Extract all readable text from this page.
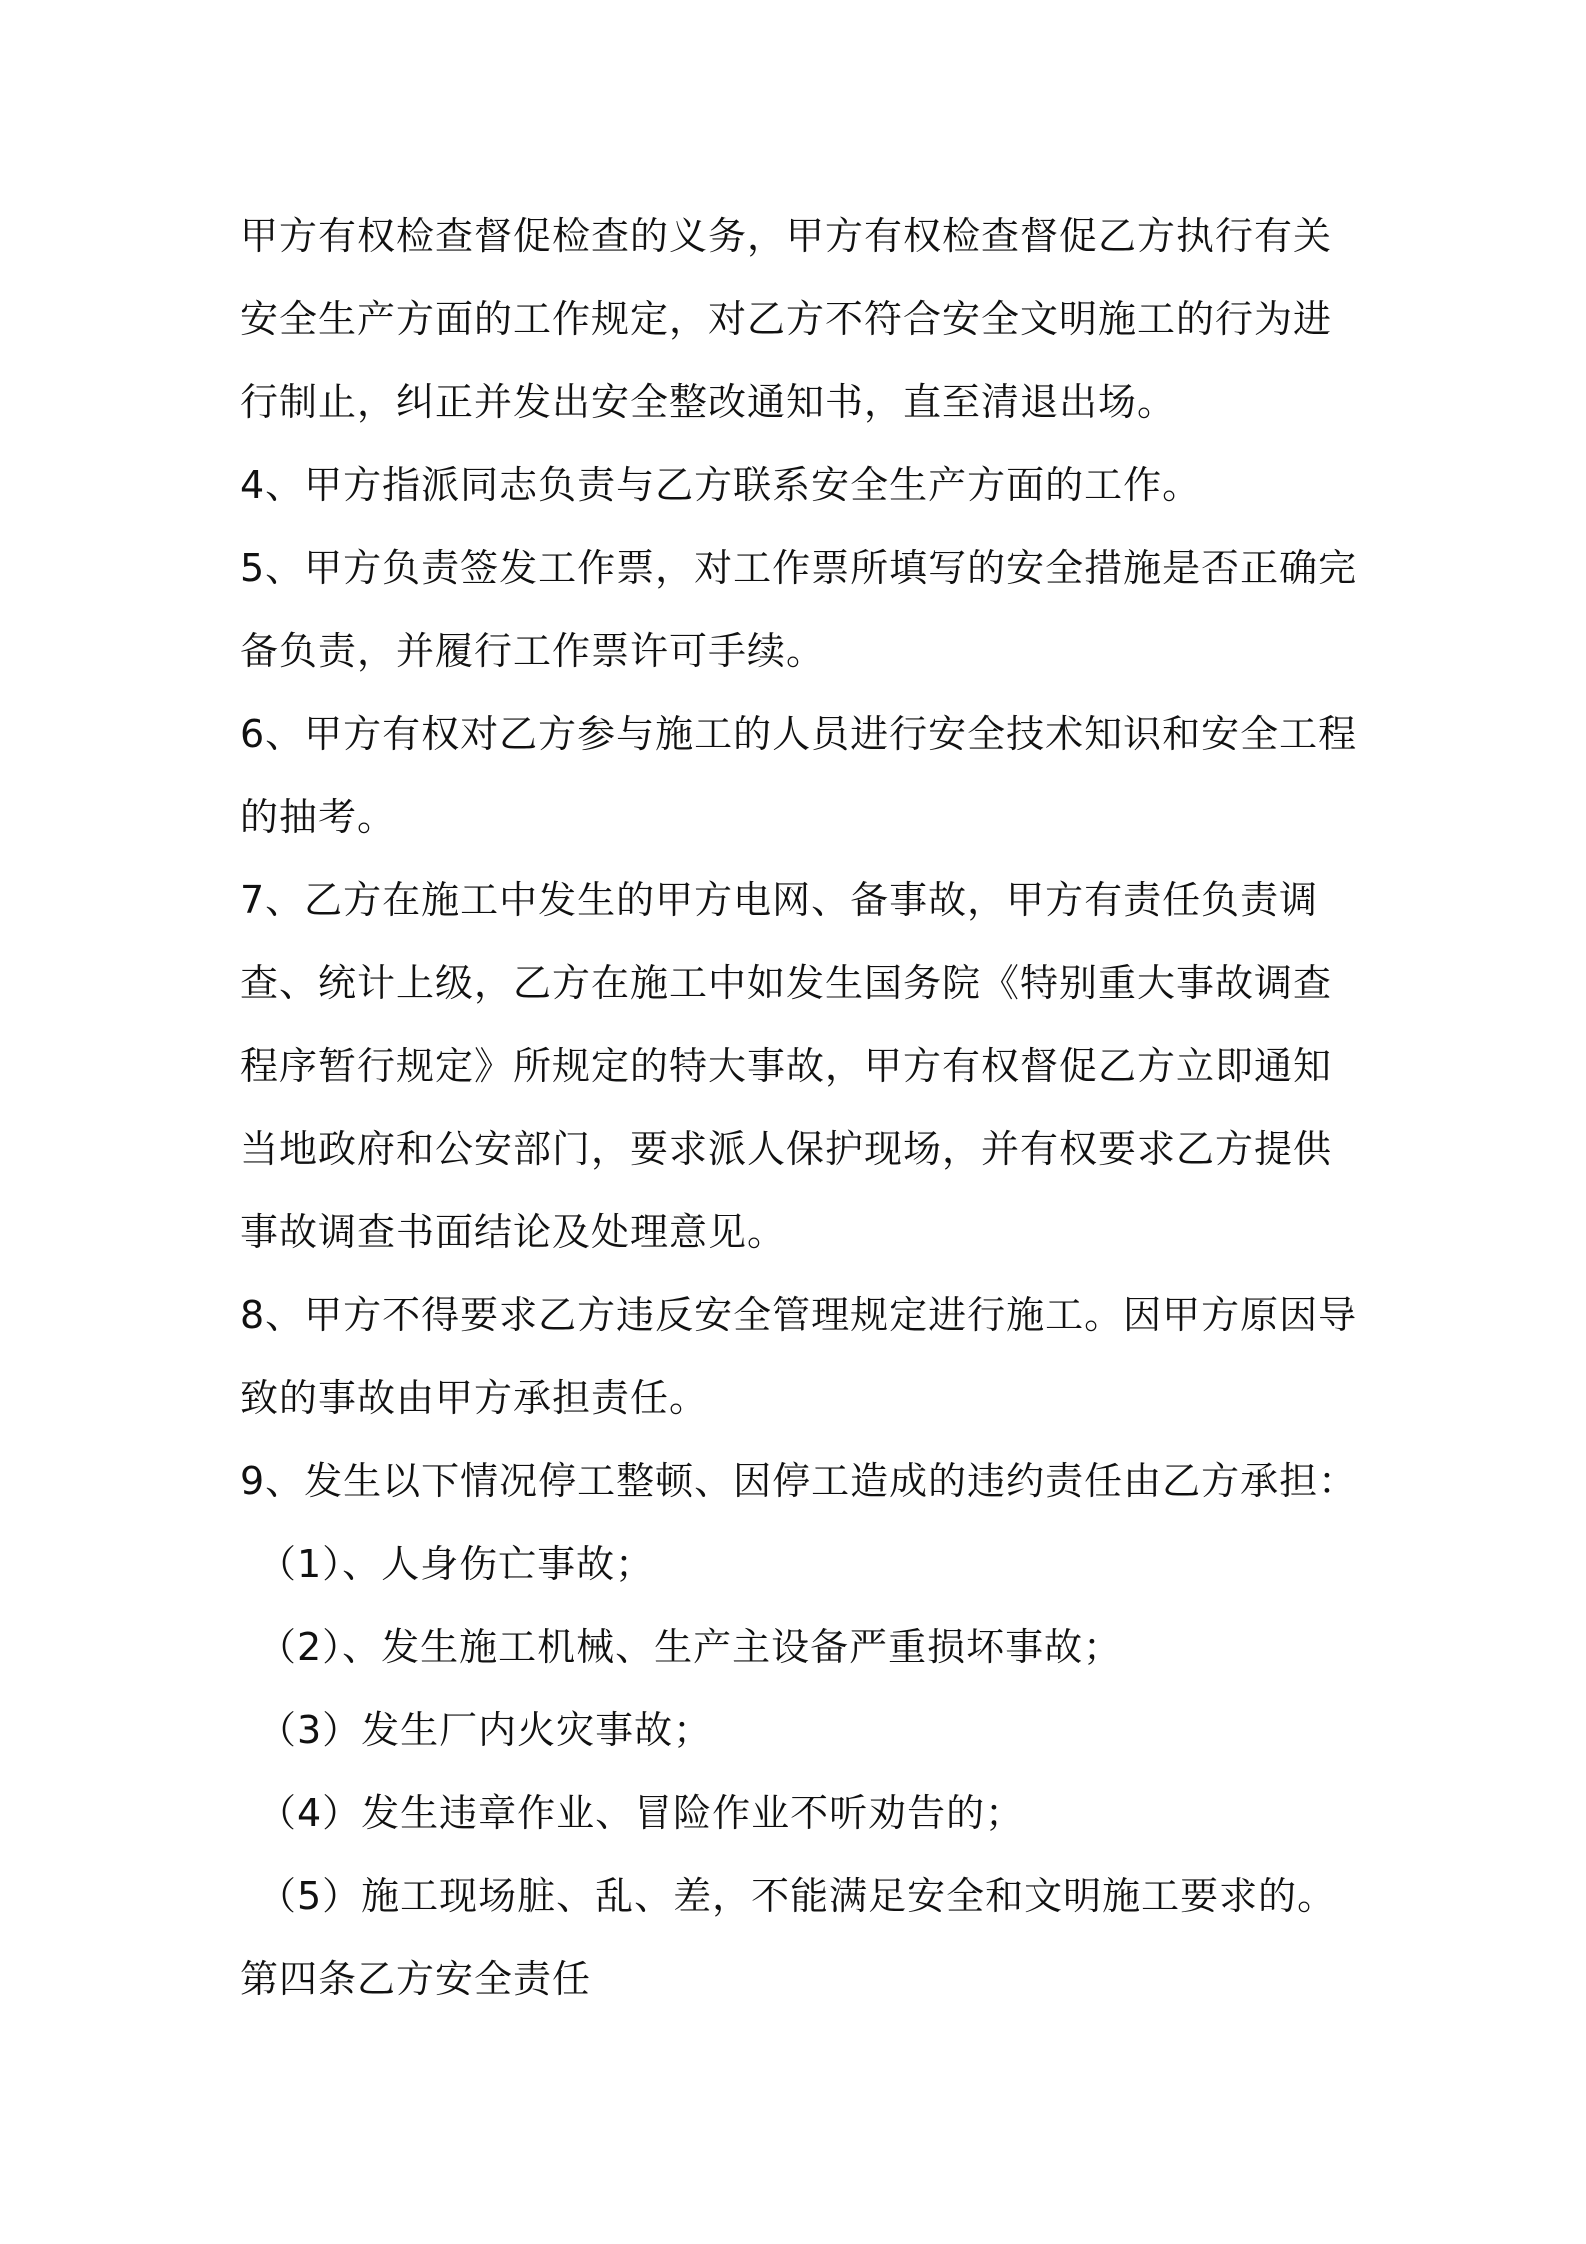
甲方有权检查督促检查的义务，甲方有权检查督促乙方执行有关安全生产方面的工作规定，对乙方不符合安全文明施工的行为进行制止，纠正并发出安全整改通知书，直至清退出场。

4、甲方指派同志负责与乙方联系安全生产方面的工作。

5、甲方负责签发工作票，对工作票所填写的安全措施是否正确完备负责，并履行工作票许可手续。

6、甲方有权对乙方参与施工的人员进行安全技术知识和安全工程的抽考。

7、乙方在施工中发生的甲方电网、备事故，甲方有责任负责调查、统计上级，乙方在施工中如发生国务院《特别重大事故调查程序暂行规定》所规定的特大事故，甲方有权督促乙方立即通知当地政府和公安部门，要求派人保护现场，并有权要求乙方提供事故调查书面结论及处理意见。

8、甲方不得要求乙方违反安全管理规定进行施工。因甲方原因导致的事故由甲方承担责任。

9、发生以下情况停工整顿、因停工造成的违约责任由乙方承担：

（1）、人身伤亡事故；

（2）、发生施工机械、生产主设备严重损坏事故；

（3）发生厂内火灾事故；

（4）发生违章作业、冒险作业不听劝告的；

（5）施工现场脏、乱、差，不能满足安全和文明施工要求的。

第四条乙方安全责任
